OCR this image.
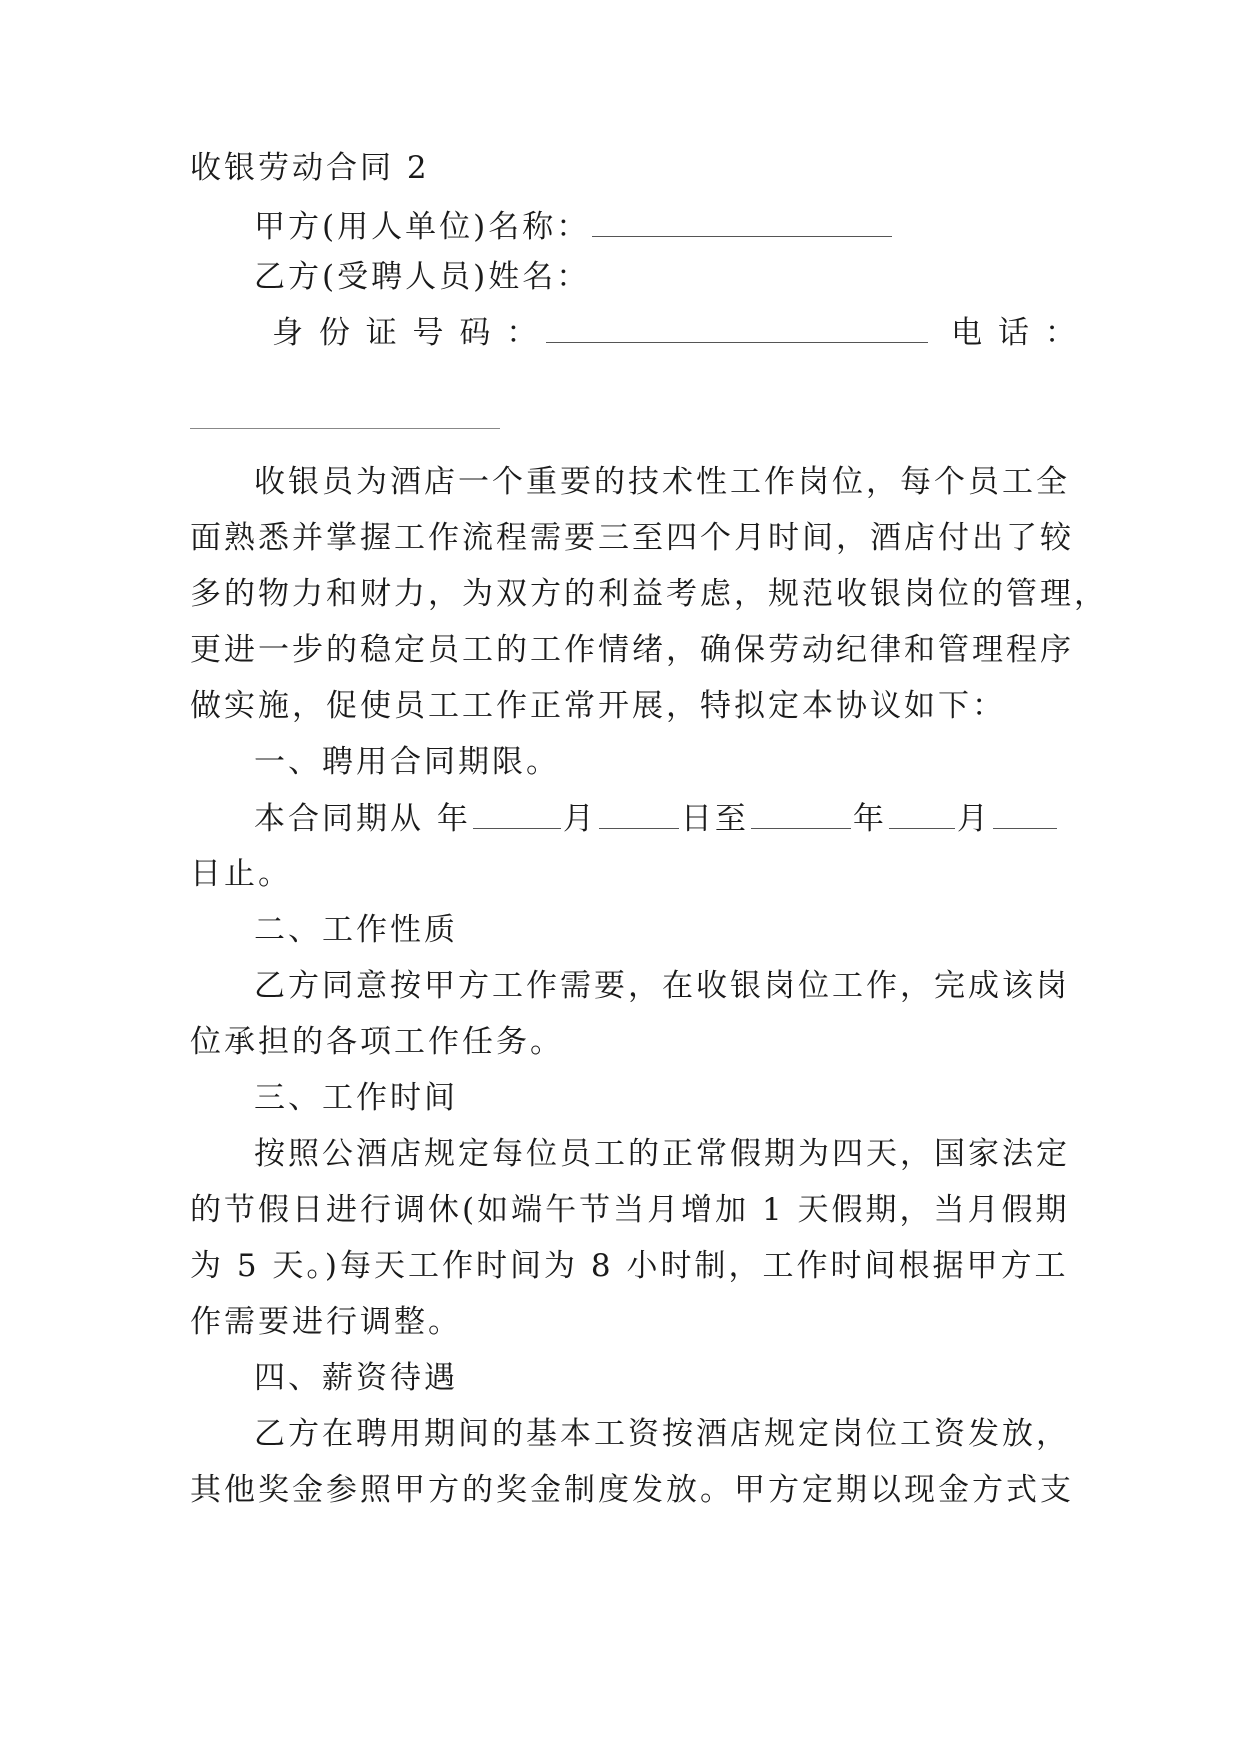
收银劳动合同 2
甲方(用人单位)名称：
乙方(受聘人员)姓名：
身 份 证 号 码 ：	电 话 ：
收银员为酒店一个重要的技术性工作岗位，每个员工全
面熟悉并掌握工作流程需要三至四个月时间，酒店付出了较
多的物力和财力，为双方的利益考虑，规范收银岗位的管理，
更进一步的稳定员工的工作情绪，确保劳动纪律和管理程序
做实施，促使员工工作正常开展，特拟定本协议如下：
一、聘用合同期限。
本合同期从 年	月	日至	年 月
日止。
二、工作性质
乙方同意按甲方工作需要，在收银岗位工作，完成该岗
位承担的各项工作任务。
三、工作时间
按照公酒店规定每位员工的正常假期为四天，国家法定
的节假日进行调休(如端午节当月增加 1 天假期，当月假期
为 5 天。)每天工作时间为 8 小时制，工作时间根据甲方工
作需要进行调整。
四、薪资待遇
乙方在聘用期间的基本工资按酒店规定岗位工资发放，
其他奖金参照甲方的奖金制度发放。甲方定期以现金方式支
